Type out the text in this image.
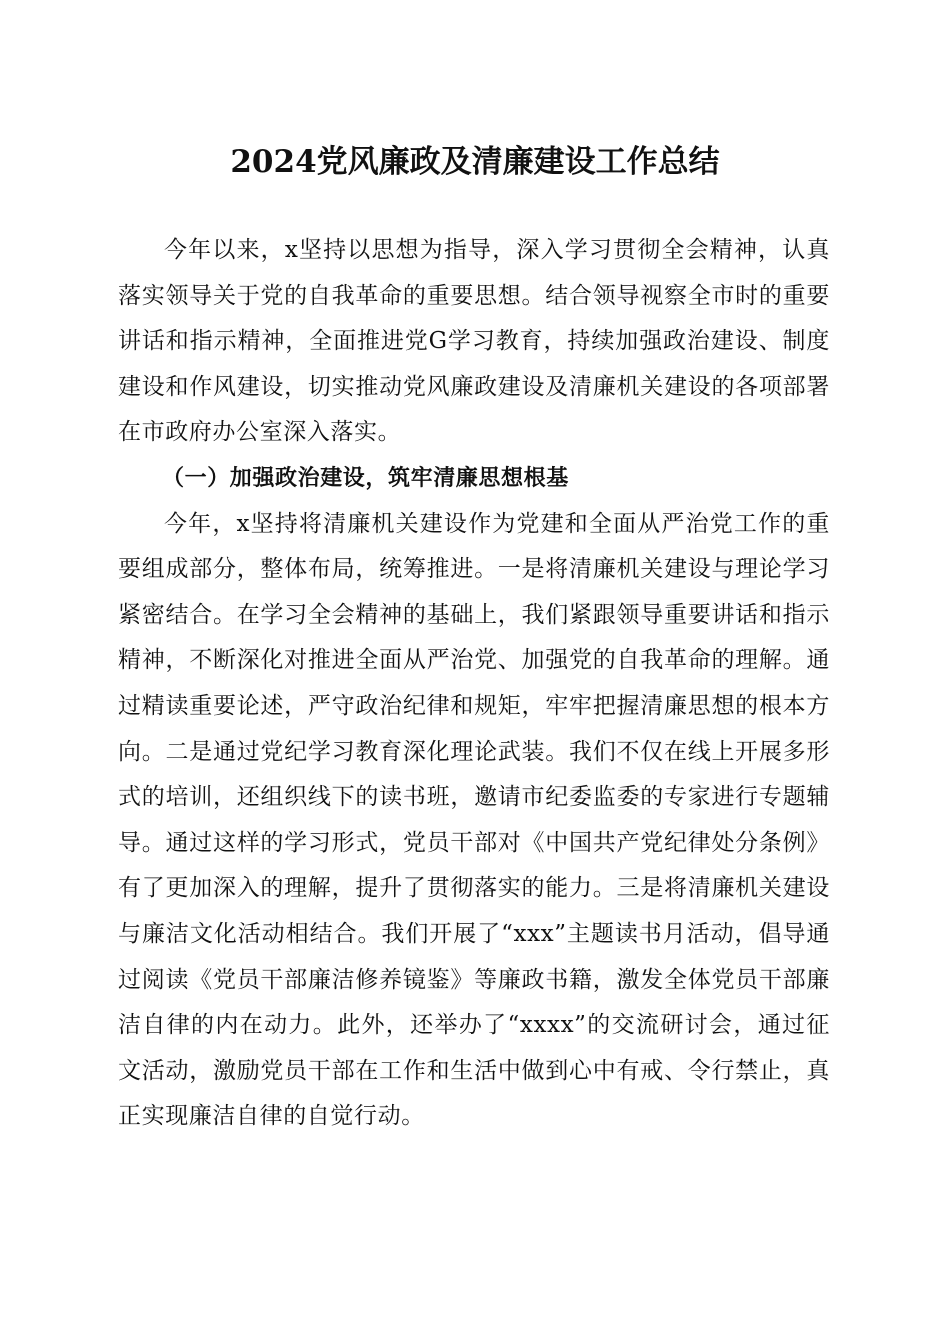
2024党风廉政及清廉建设工作总结

今年以来，x坚持以思想为指导，深入学习贯彻全会精神，认真落实领导关于党的自我革命的重要思想。结合领导视察全市时的重要讲话和指示精神，全面推进党G学习教育，持续加强政治建设、制度建设和作风建设，切实推动党风廉政建设及清廉机关建设的各项部署在市政府办公室深入落实。

（一）加强政治建设，筑牢清廉思想根基

今年，x坚持将清廉机关建设作为党建和全面从严治党工作的重要组成部分，整体布局，统筹推进。一是将清廉机关建设与理论学习紧密结合。在学习全会精神的基础上，我们紧跟领导重要讲话和指示精神，不断深化对推进全面从严治党、加强党的自我革命的理解。通过精读重要论述，严守政治纪律和规矩，牢牢把握清廉思想的根本方向。二是通过党纪学习教育深化理论武装。我们不仅在线上开展多形式的培训，还组织线下的读书班，邀请市纪委监委的专家进行专题辅导。通过这样的学习形式，党员干部对《中国共产党纪律处分条例》有了更加深入的理解，提升了贯彻落实的能力。三是将清廉机关建设与廉洁文化活动相结合。我们开展了“xxx”主题读书月活动，倡导通过阅读《党员干部廉洁修养镜鉴》等廉政书籍，激发全体党员干部廉洁自律的内在动力。此外，还举办了“xxxx”的交流研讨会，通过征文活动，激励党员干部在工作和生活中做到心中有戒、令行禁止，真正实现廉洁自律的自觉行动。
